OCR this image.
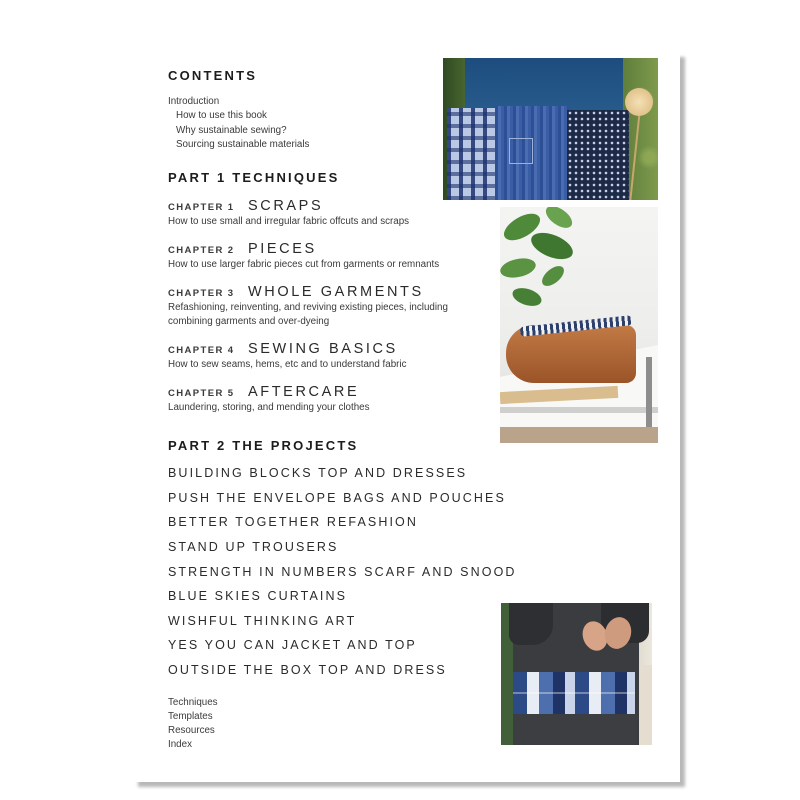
CONTENTS
Introduction
How to use this book
Why sustainable sewing?
Sourcing sustainable materials
PART 1 TECHNIQUES
CHAPTER 1 SCRAPS
How to use small and irregular fabric offcuts and scraps
CHAPTER 2 PIECES
How to use larger fabric pieces cut from garments or remnants
CHAPTER 3 WHOLE GARMENTS
Refashioning, reinventing, and reviving existing pieces, including
combining garments and over-dyeing
CHAPTER 4 SEWING BASICS
How to sew seams, hems, etc and to understand fabric
CHAPTER 5 AFTERCARE
Laundering, storing, and mending your clothes
PART 2 THE PROJECTS
BUILDING BLOCKS TOP AND DRESSES
PUSH THE ENVELOPE BAGS AND POUCHES
BETTER TOGETHER REFASHION
STAND UP TROUSERS
STRENGTH IN NUMBERS SCARF AND SNOOD
BLUE SKIES CURTAINS
WISHFUL THINKING ART
YES YOU CAN JACKET AND TOP
OUTSIDE THE BOX TOP AND DRESS
Techniques
Templates
Resources
Index
